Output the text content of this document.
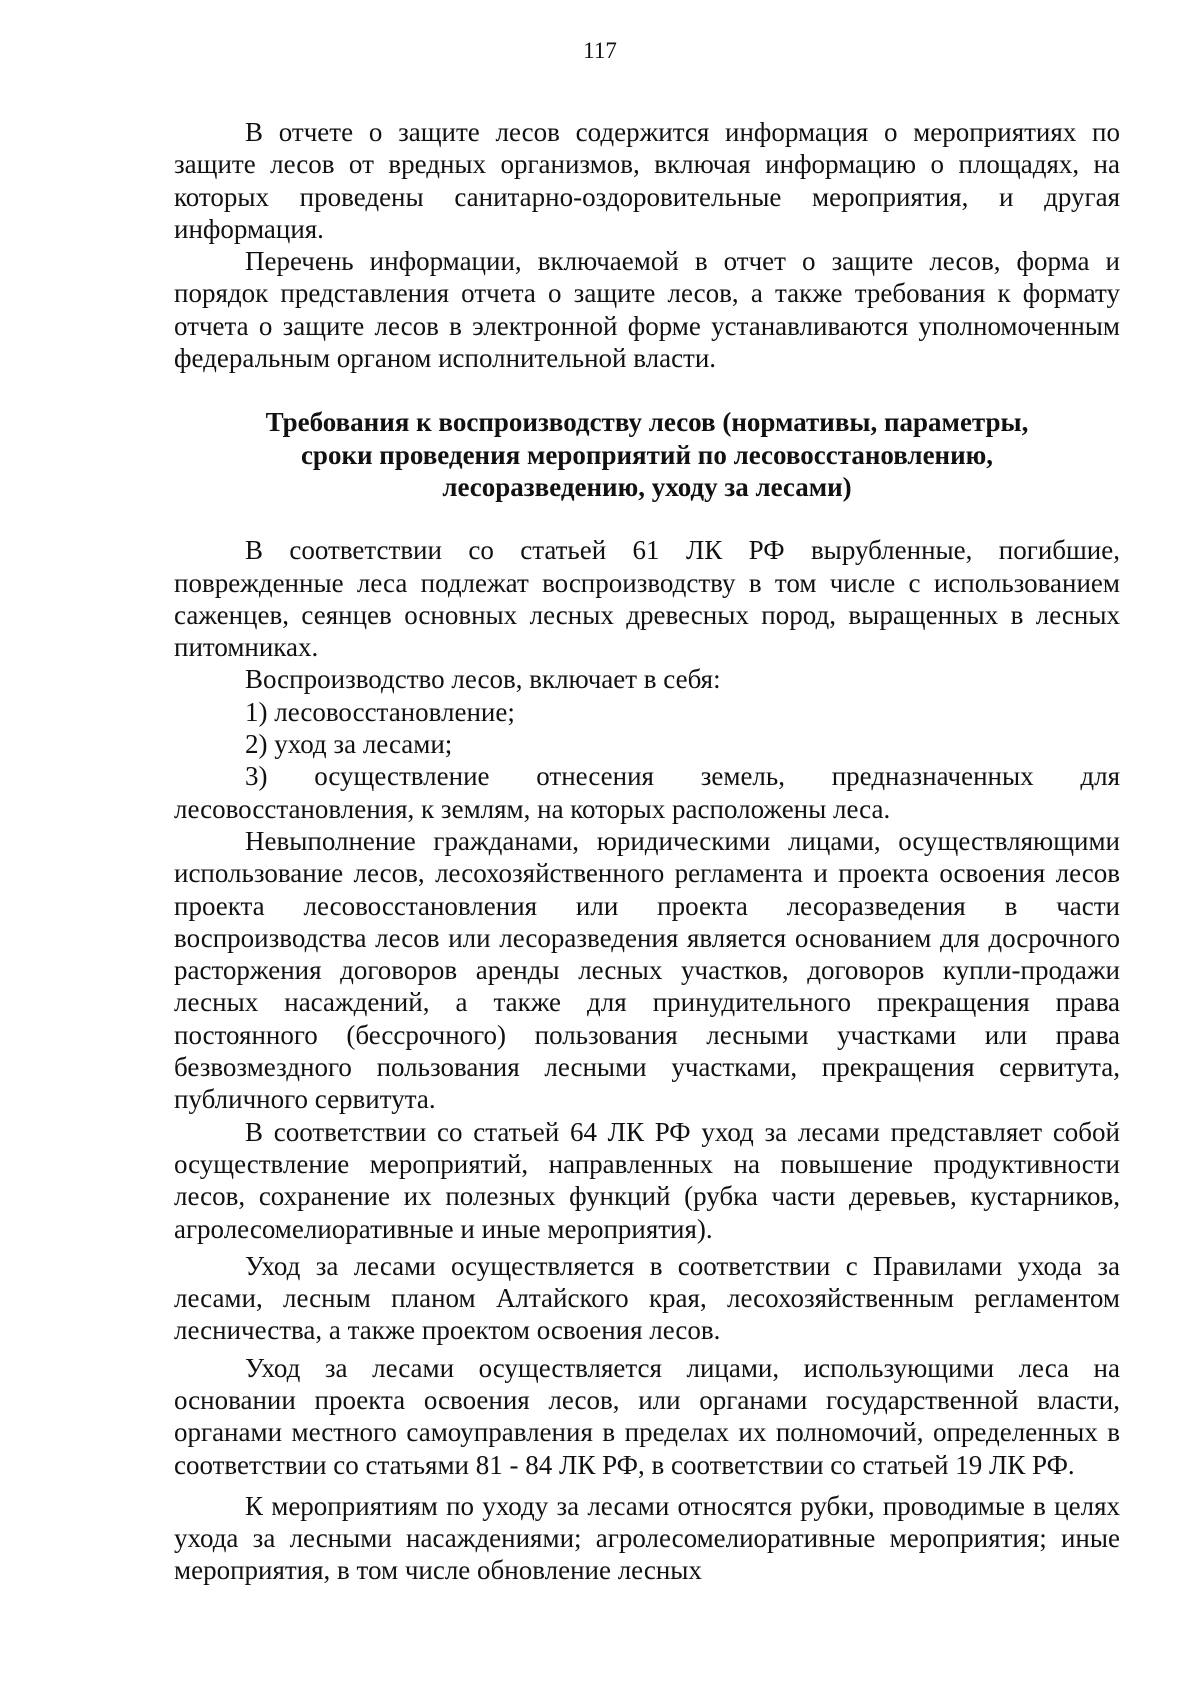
117

В отчете о защите лесов содержится информация о мероприятиях по защите лесов от вредных организмов, включая информацию о площадях, на которых проведены санитарно-оздоровительные мероприятия, и другая информация.

Перечень информации, включаемой в отчет о защите лесов, форма и порядок представления отчета о защите лесов, а также требования к формату отчета о защите лесов в электронной форме устанавливаются уполномоченным федеральным органом исполнительной власти.

Требования к воспроизводству лесов (нормативы, параметры,
сроки проведения мероприятий по лесовосстановлению,
лесоразведению, уходу за лесами)

В соответствии со статьей 61 ЛК РФ вырубленные, погибшие, поврежденные леса подлежат воспроизводству в том числе с использованием саженцев, сеянцев основных лесных древесных пород, выращенных в лесных питомниках.

Воспроизводство лесов, включает в себя:

1) лесовосстановление;

2) уход за лесами;

3) осуществление отнесения земель, предназначенных для лесовосстановления, к землям, на которых расположены леса.

Невыполнение гражданами, юридическими лицами, осуществляющими использование лесов, лесохозяйственного регламента и проекта освоения лесов проекта лесовосстановления или проекта лесоразведения в части воспроизводства лесов или лесоразведения является основанием для досрочного расторжения договоров аренды лесных участков, договоров купли-продажи лесных насаждений, а также для принудительного прекращения права постоянного (бессрочного) пользования лесными участками или права безвозмездного пользования лесными участками, прекращения сервитута, публичного сервитута.

В соответствии со статьей 64 ЛК РФ уход за лесами представляет собой осуществление мероприятий, направленных на повышение продуктивности лесов, сохранение их полезных функций (рубка части деревьев, кустарников, агролесомелиоративные и иные мероприятия).

Уход за лесами осуществляется в соответствии с Правилами ухода за лесами, лесным планом Алтайского края, лесохозяйственным регламентом лесничества, а также проектом освоения лесов.

Уход за лесами осуществляется лицами, использующими леса на основании проекта освоения лесов, или органами государственной власти, органами местного самоуправления в пределах их полномочий, определенных в соответствии со статьями 81 - 84 ЛК РФ, в соответствии со статьей 19 ЛК РФ.

К мероприятиям по уходу за лесами относятся рубки, проводимые в целях ухода за лесными насаждениями; агролесомелиоративные мероприятия; иные мероприятия, в том числе обновление лесных
